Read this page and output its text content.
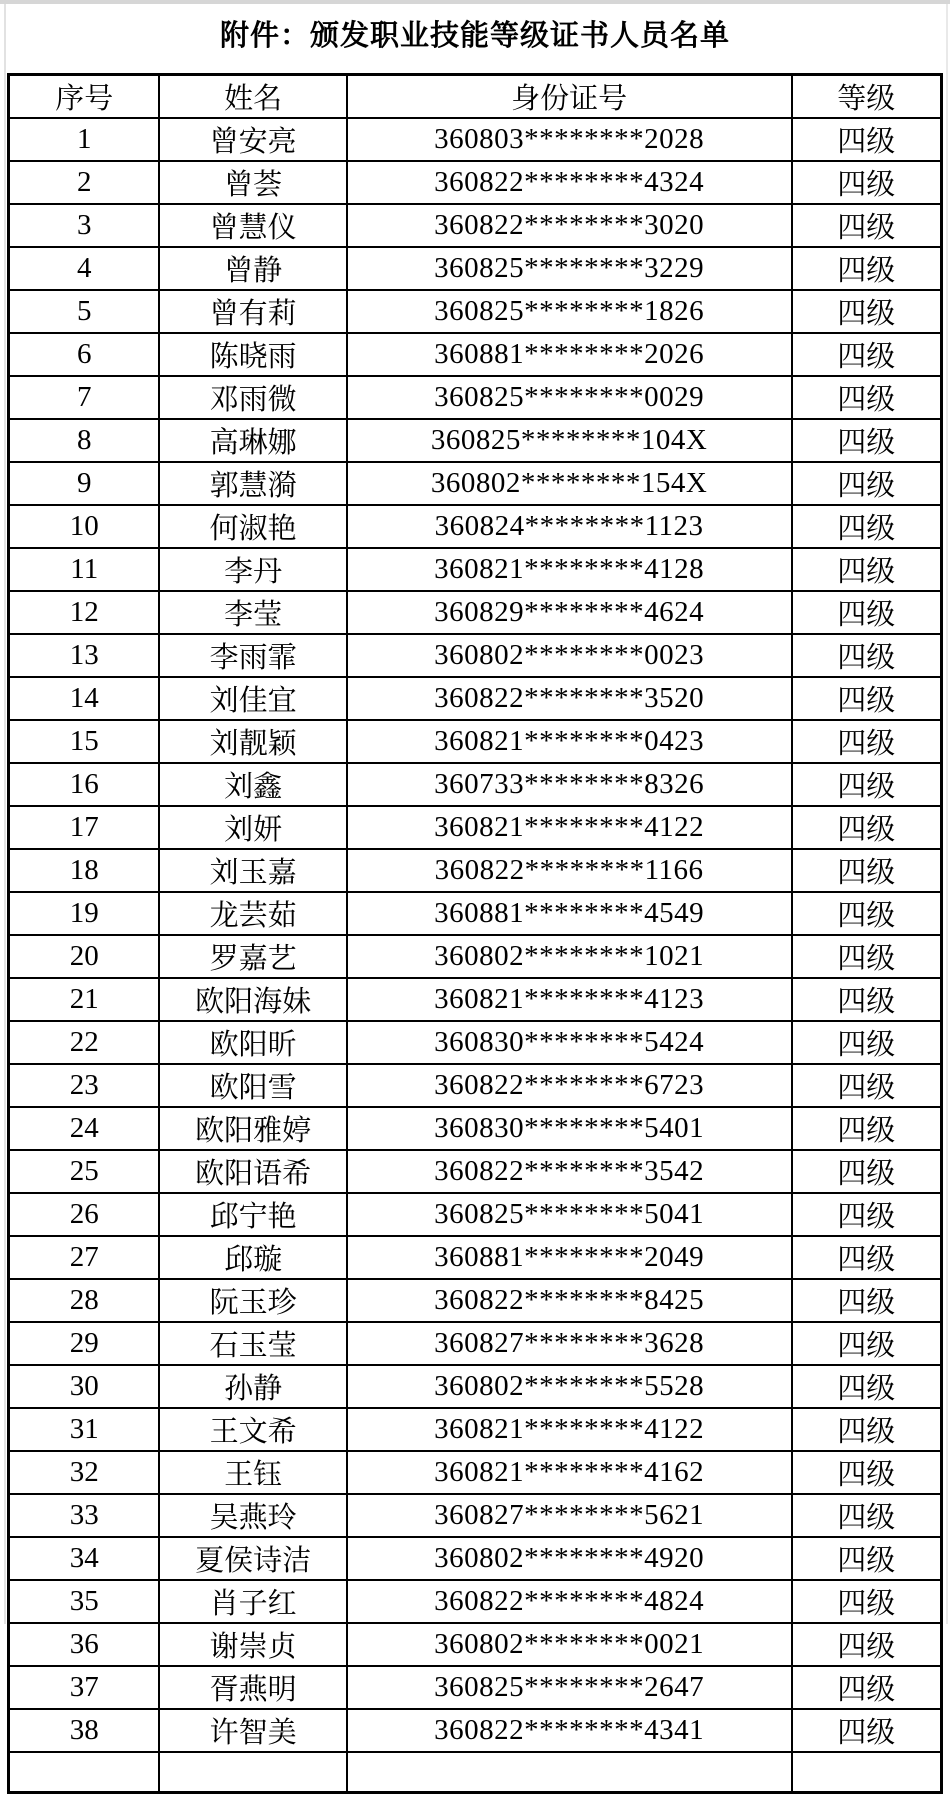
附件：颁发职业技能等级证书人员名单
序号	姓名	身份证号	等级
1	曾安亮	360803********2028	四级
2	曾荟	360822********4324	四级
3	曾慧仪	360822********3020	四级
4	曾静	360825********3229	四级
5	曾有莉	360825********1826	四级
6	陈晓雨	360881********2026	四级
7	邓雨微	360825********0029	四级
8	高琳娜	360825********104X	四级
9	郭慧漪	360802********154X	四级
10	何淑艳	360824********1123	四级
11	李丹	360821********4128	四级
12	李莹	360829********4624	四级
13	李雨霏	360802********0023	四级
14	刘佳宜	360822********3520	四级
15	刘靓颖	360821********0423	四级
16	刘鑫	360733********8326	四级
17	刘妍	360821********4122	四级
18	刘玉嘉	360822********1166	四级
19	龙芸茹	360881********4549	四级
20	罗嘉艺	360802********1021	四级
21	欧阳海妹	360821********4123	四级
22	欧阳昕	360830********5424	四级
23	欧阳雪	360822********6723	四级
24	欧阳雅婷	360830********5401	四级
25	欧阳语希	360822********3542	四级
26	邱宁艳	360825********5041	四级
27	邱璇	360881********2049	四级
28	阮玉珍	360822********8425	四级
29	石玉莹	360827********3628	四级
30	孙静	360802********5528	四级
31	王文希	360821********4122	四级
32	王钰	360821********4162	四级
33	吴燕玲	360827********5621	四级
34	夏侯诗洁	360802********4920	四级
35	肖子红	360822********4824	四级
36	谢崇贞	360802********0021	四级
37	胥燕明	360825********2647	四级
38	许智美	360822********4341	四级
